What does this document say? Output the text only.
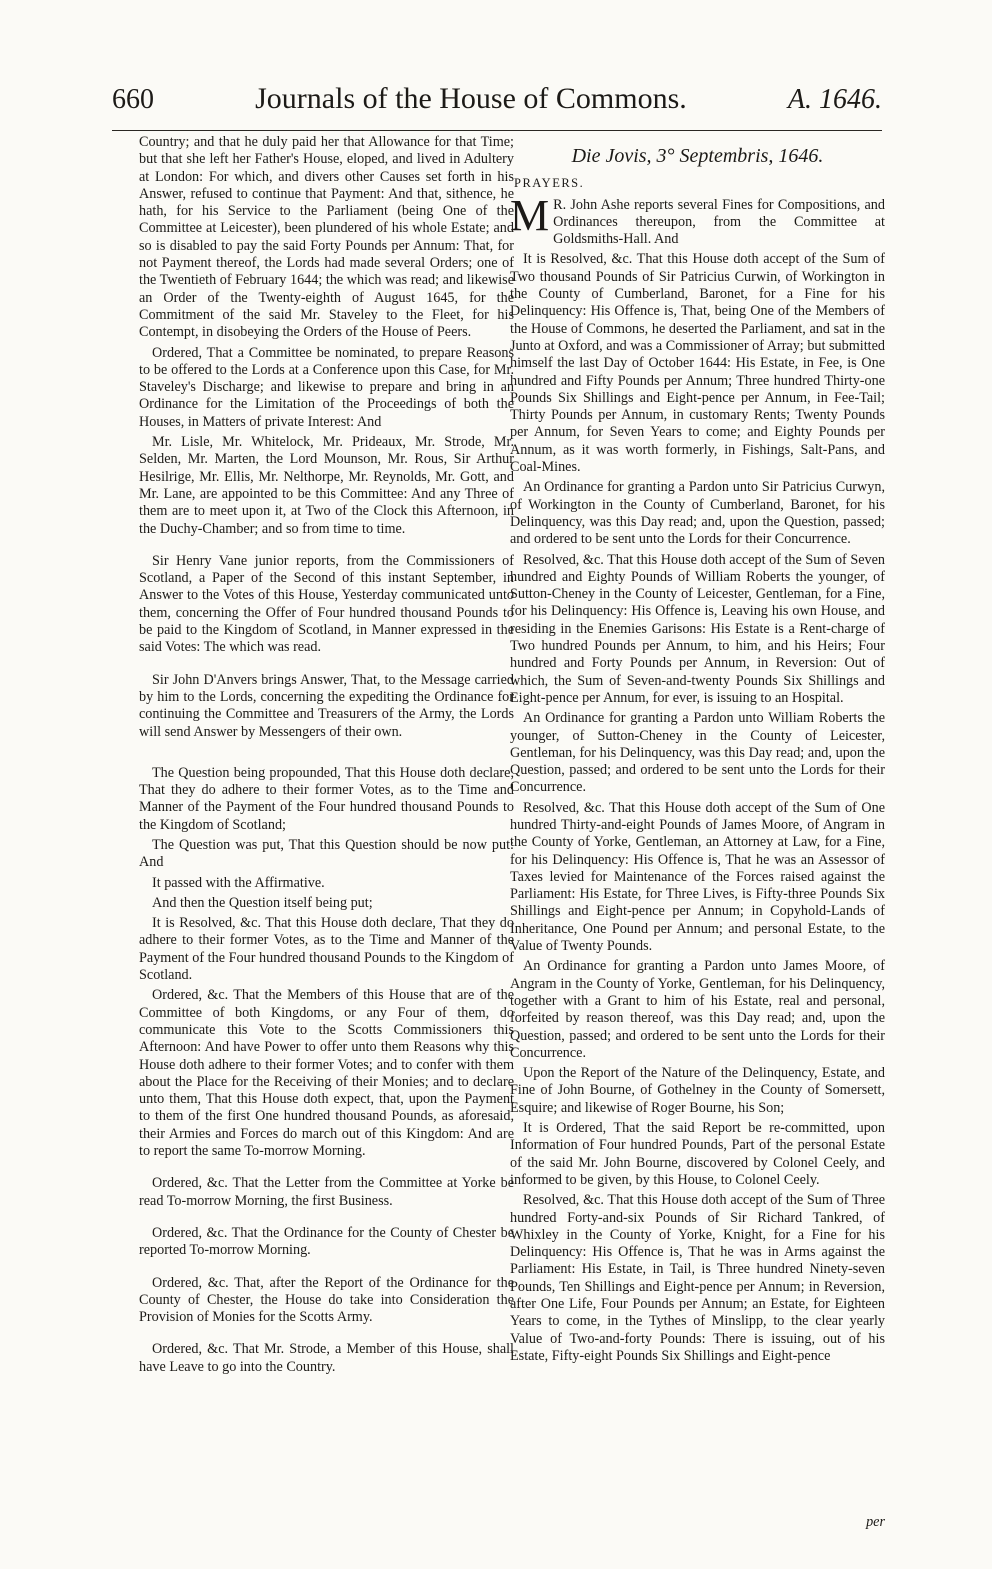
660	Journals of the House of Commons.	A. 1646.

Country; and that he duly paid her that Allowance for that Time; but that she left her Father's House, eloped, and lived in Adultery at London: For which, and divers other Causes set forth in his Answer, refused to continue that Payment: And that, sithence, he hath, for his Service to the Parliament (being One of the Committee at Leicester), been plundered of his whole Estate; and so is disabled to pay the said Forty Pounds per Annum: That, for not Payment thereof, the Lords had made several Orders; one of the Twentieth of February 1644; the which was read; and likewise an Order of the Twenty-eighth of August 1645, for the Commitment of the said Mr. Staveley to the Fleet, for his Contempt, in disobeying the Orders of the House of Peers.

Ordered, That a Committee be nominated, to prepare Reasons to be offered to the Lords at a Conference upon this Case, for Mr. Staveley's Discharge; and likewise to prepare and bring in an Ordinance for the Limitation of the Proceedings of both the Houses, in Matters of private Interest: And

Mr. Lisle, Mr. Whitelock, Mr. Prideaux, Mr. Strode, Mr. Selden, Mr. Marten, the Lord Mounson, Mr. Rous, Sir Arthur Hesilrige, Mr. Ellis, Mr. Nelthorpe, Mr. Reynolds, Mr. Gott, and Mr. Lane, are appointed to be this Committee: And any Three of them are to meet upon it, at Two of the Clock this Afternoon, in the Duchy-Chamber; and so from time to time.

Sir Henry Vane junior reports, from the Commissioners of Scotland, a Paper of the Second of this instant September, in Answer to the Votes of this House, Yesterday communicated unto them, concerning the Offer of Four hundred thousand Pounds to be paid to the Kingdom of Scotland, in Manner expressed in the said Votes: The which was read.

Sir John D'Anvers brings Answer, That, to the Message carried by him to the Lords, concerning the expediting the Ordinance for continuing the Committee and Treasurers of the Army, the Lords will send Answer by Messengers of their own.

The Question being propounded, That this House doth declare, That they do adhere to their former Votes, as to the Time and Manner of the Payment of the Four hundred thousand Pounds to the Kingdom of Scotland;

The Question was put, That this Question should be now put: And

It passed with the Affirmative.

And then the Question itself being put;

It is Resolved, &c. That this House doth declare, That they do adhere to their former Votes, as to the Time and Manner of the Payment of the Four hundred thousand Pounds to the Kingdom of Scotland.

Ordered, &c. That the Members of this House that are of the Committee of both Kingdoms, or any Four of them, do communicate this Vote to the Scotts Commissioners this Afternoon: And have Power to offer unto them Reasons why this House doth adhere to their former Votes; and to confer with them about the Place for the Receiving of their Monies; and to declare unto them, That this House doth expect, that, upon the Payment to them of the first One hundred thousand Pounds, as aforesaid, their Armies and Forces do march out of this Kingdom: And are to report the same To-morrow Morning.

Ordered, &c. That the Letter from the Committee at Yorke be read To-morrow Morning, the first Business.

Ordered, &c. That the Ordinance for the County of Chester be reported To-morrow Morning.

Ordered, &c. That, after the Report of the Ordinance for the County of Chester, the House do take into Consideration the Provision of Monies for the Scotts Army.

Ordered, &c. That Mr. Strode, a Member of this House, shall have Leave to go into the Country.

Die Jovis, 3° Septembris, 1646.
PRAYERS.

M R. John Ashe reports several Fines for Compositions, and Ordinances thereupon, from the Committee at Goldsmiths-Hall. And

It is Resolved, &c. That this House doth accept of the Sum of Two thousand Pounds of Sir Patricius Curwin, of Workington in the County of Cumberland, Baronet, for a Fine for his Delinquency: His Offence is, That, being One of the Members of the House of Commons, he deserted the Parliament, and sat in the Junto at Oxford, and was a Commissioner of Array; but submitted himself the last Day of October 1644: His Estate, in Fee, is One hundred and Fifty Pounds per Annum; Three hundred Thirty-one Pounds Six Shillings and Eight-pence per Annum, in Fee-Tail; Thirty Pounds per Annum, in customary Rents; Twenty Pounds per Annum, for Seven Years to come; and Eighty Pounds per Annum, as it was worth formerly, in Fishings, Salt-Pans, and Coal-Mines.

An Ordinance for granting a Pardon unto Sir Patricius Curwyn, of Workington in the County of Cumberland, Baronet, for his Delinquency, was this Day read; and, upon the Question, passed; and ordered to be sent unto the Lords for their Concurrence.

Resolved, &c. That this House doth accept of the Sum of Seven hundred and Eighty Pounds of William Roberts the younger, of Sutton-Cheney in the County of Leicester, Gentleman, for a Fine, for his Delinquency: His Offence is, Leaving his own House, and residing in the Enemies Garisons: His Estate is a Rent-charge of Two hundred Pounds per Annum, to him, and his Heirs; Four hundred and Forty Pounds per Annum, in Reversion: Out of which, the Sum of Seven-and-twenty Pounds Six Shillings and Eight-pence per Annum, for ever, is issuing to an Hospital.

An Ordinance for granting a Pardon unto William Roberts the younger, of Sutton-Cheney in the County of Leicester, Gentleman, for his Delinquency, was this Day read; and, upon the Question, passed; and ordered to be sent unto the Lords for their Concurrence.

Resolved, &c. That this House doth accept of the Sum of One hundred Thirty-and-eight Pounds of James Moore, of Angram in the County of Yorke, Gentleman, an Attorney at Law, for a Fine, for his Delinquency: His Offence is, That he was an Assessor of Taxes levied for Maintenance of the Forces raised against the Parliament: His Estate, for Three Lives, is Fifty-three Pounds Six Shillings and Eight-pence per Annum; in Copyhold-Lands of Inheritance, One Pound per Annum; and personal Estate, to the Value of Twenty Pounds.

An Ordinance for granting a Pardon unto James Moore, of Angram in the County of Yorke, Gentleman, for his Delinquency, together with a Grant to him of his Estate, real and personal, forfeited by reason thereof, was this Day read; and, upon the Question, passed; and ordered to be sent unto the Lords for their Concurrence.

Upon the Report of the Nature of the Delinquency, Estate, and Fine of John Bourne, of Gothelney in the County of Somersett, Esquire; and likewise of Roger Bourne, his Son;

It is Ordered, That the said Report be re-committed, upon Information of Four hundred Pounds, Part of the personal Estate of the said Mr. John Bourne, discovered by Colonel Ceely, and informed to be given, by this House, to Colonel Ceely.

Resolved, &c. That this House doth accept of the Sum of Three hundred Forty-and-six Pounds of Sir Richard Tankred, of Whixley in the County of Yorke, Knight, for a Fine for his Delinquency: His Offence is, That he was in Arms against the Parliament: His Estate, in Tail, is Three hundred Ninety-seven Pounds, Ten Shillings and Eight-pence per Annum; in Reversion, after One Life, Four Pounds per Annum; an Estate, for Eighteen Years to come, in the Tythes of Minslipp, to the clear yearly Value of Two-and-forty Pounds: There is issuing, out of his Estate, Fifty-eight Pounds Six Shillings and Eight-pence

per
